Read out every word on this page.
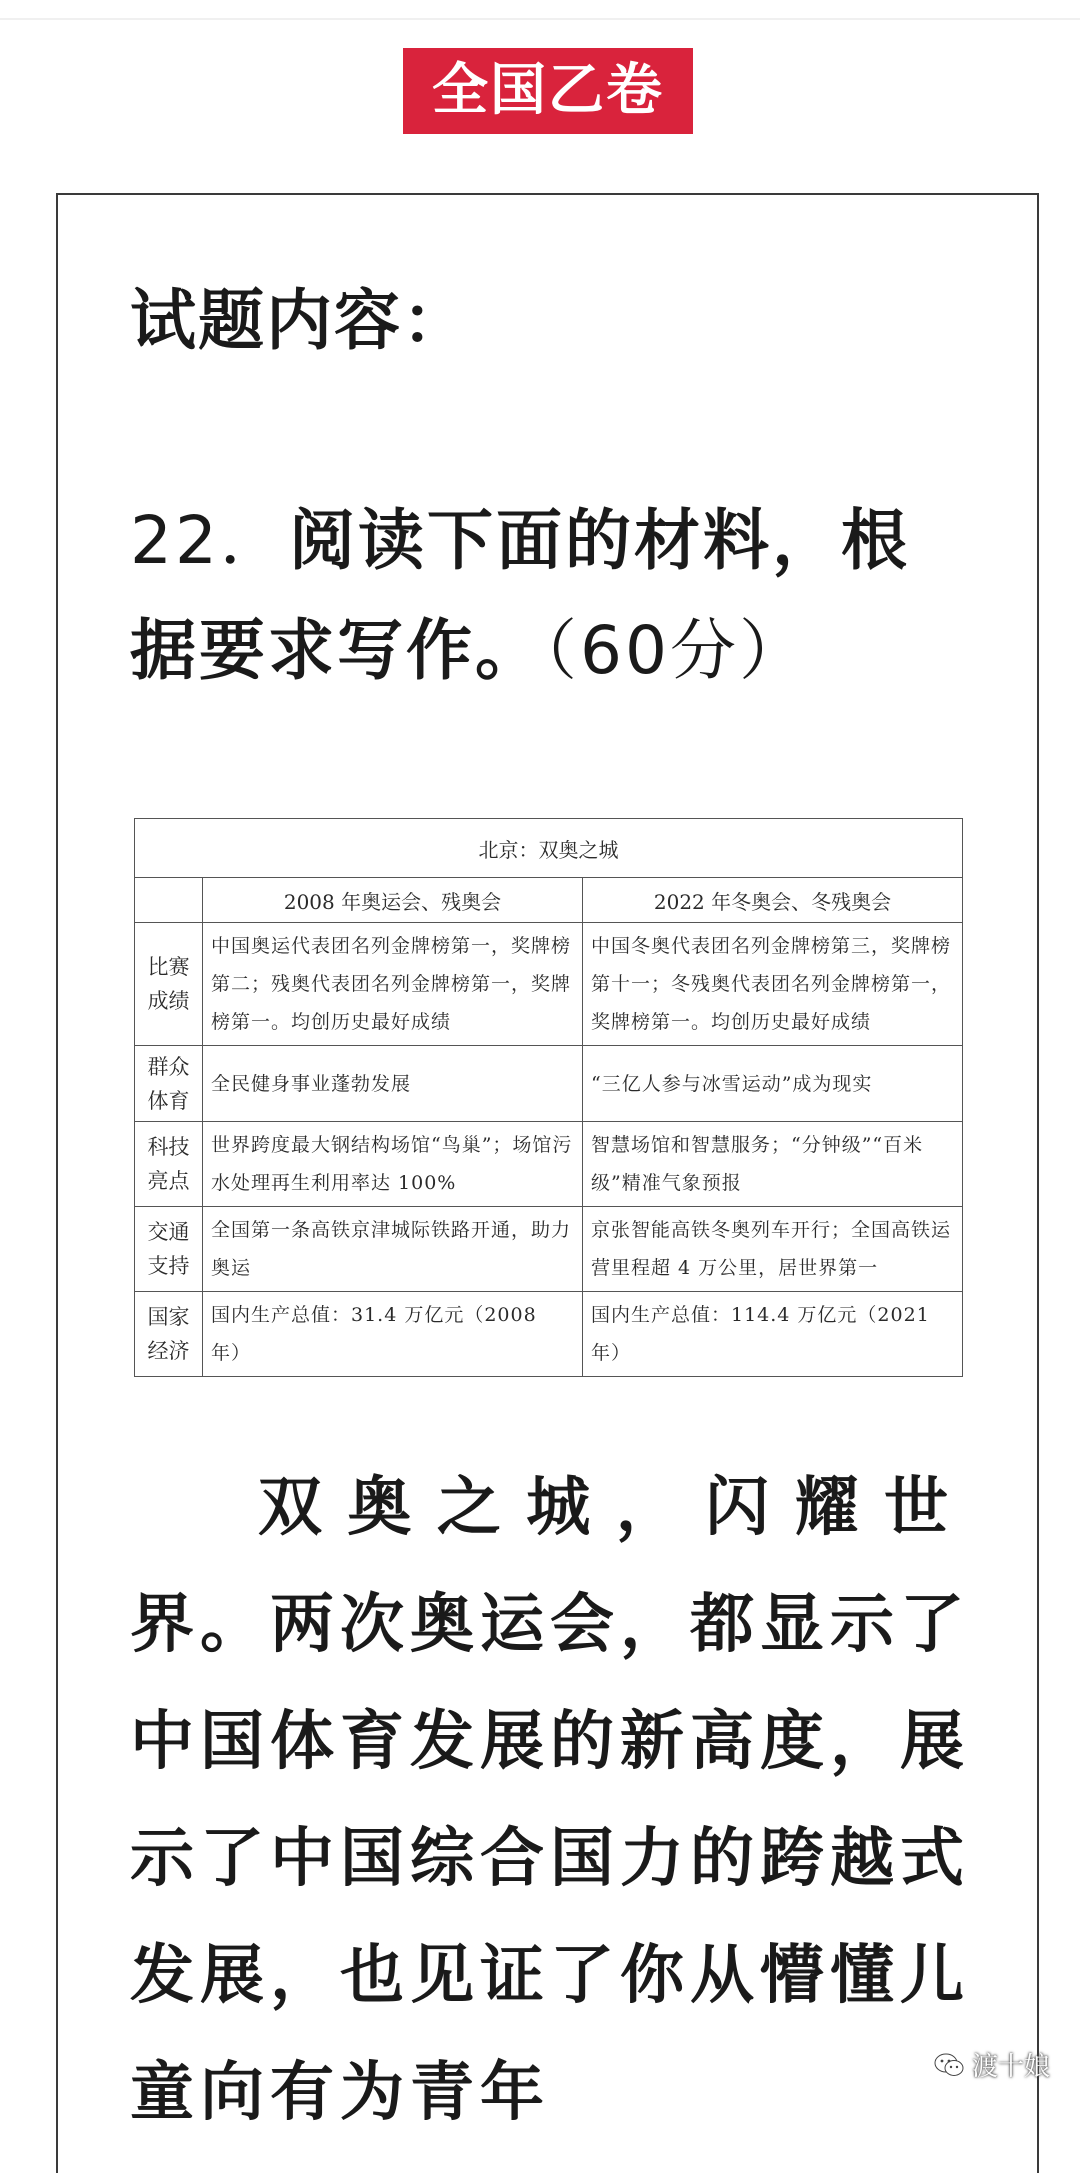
全国乙卷
试题内容：
22．阅读下面的材料，根据要求写作。（60分）
北京：双奥之城		
	2008 年奥运会、残奥会	2022 年冬奥会、冬残奥会
比赛成绩	中国奥运代表团名列金牌榜第一，奖牌榜第二；残奥代表团名列金牌榜第一，奖牌榜第一。均创历史最好成绩	中国冬奥代表团名列金牌榜第三，奖牌榜第十一；冬残奥代表团名列金牌榜第一，奖牌榜第一。均创历史最好成绩
群众体育	全民健身事业蓬勃发展	“三亿人参与冰雪运动”成为现实
科技亮点	世界跨度最大钢结构场馆“鸟巢”；场馆污水处理再生利用率达 100%	智慧场馆和智慧服务；“分钟级”“百米级”精准气象预报
交通支持	全国第一条高铁京津城际铁路开通，助力奥运	京张智能高铁冬奥列车开行；全国高铁运营里程超 4 万公里，居世界第一
国家经济	国内生产总值：31.4 万亿元（2008 年）	国内生产总值：114.4 万亿元（2021 年）
双奥之城，闪耀世界。两次奥运会，都显示了中国体育发展的新高度，展示了中国综合国力的跨越式发展，也见证了你从懵懂儿童向有为青年	渡十娘
